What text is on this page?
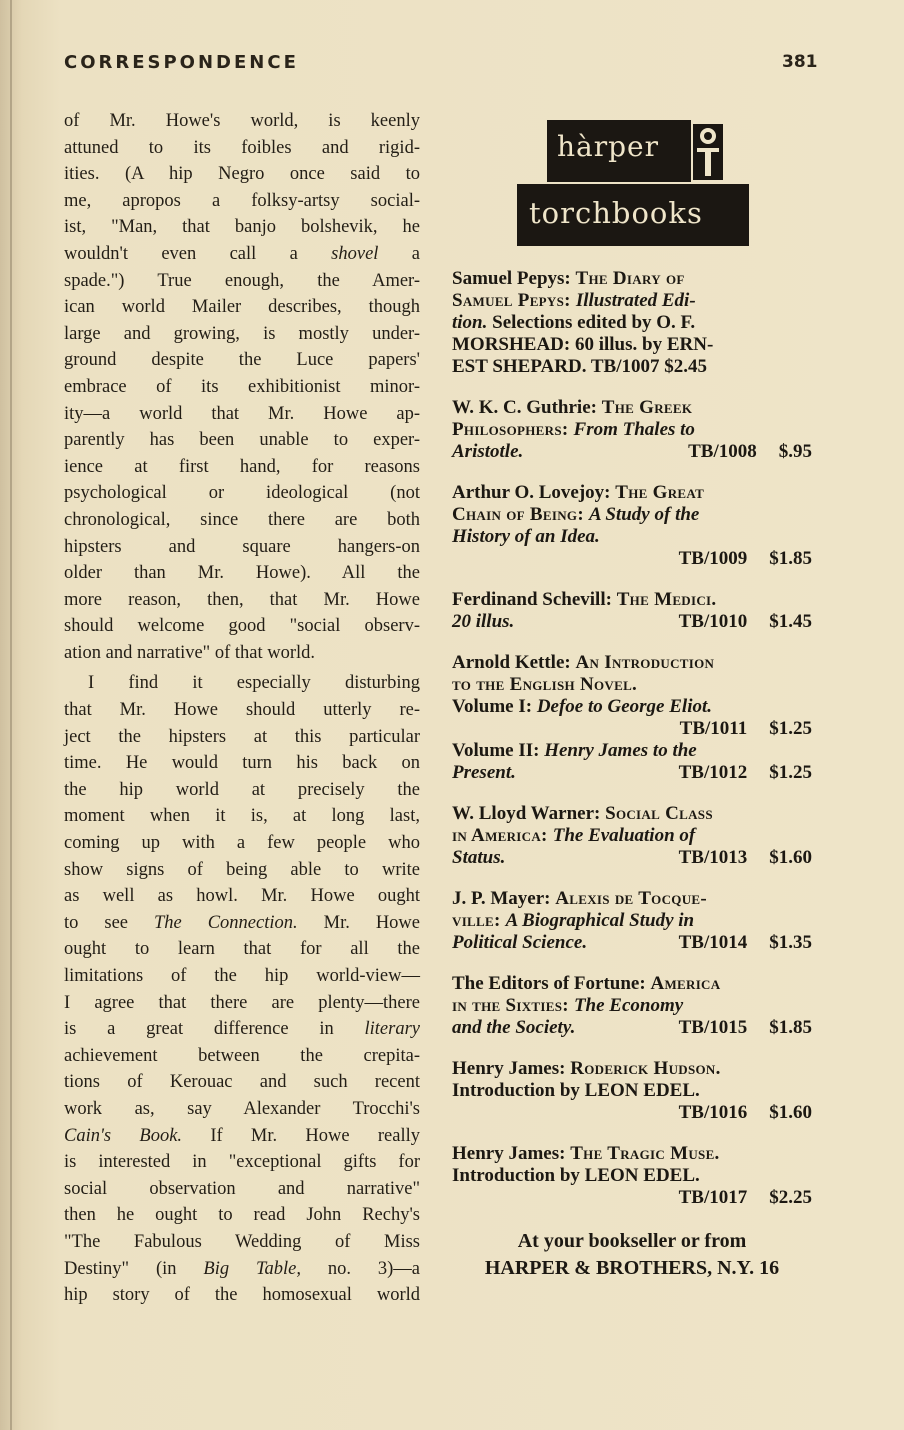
CORRESPONDENCE	381
of Mr. Howe's world, is keenly
attuned to its foibles and rigid-
ities. (A hip Negro once said to
me, apropos a folksy-artsy social-
ist, "Man, that banjo bolshevik, he
wouldn't even call a shovel a
spade.") True enough, the Amer-
ican world Mailer describes, though
large and growing, is mostly under-
ground despite the Luce papers'
embrace of its exhibitionist minor-
ity—a world that Mr. Howe ap-
parently has been unable to exper-
ience at first hand, for reasons
psychological or ideological (not
chronological, since there are both
hipsters and square hangers-on
older than Mr. Howe). All the
more reason, then, that Mr. Howe
should welcome good "social observ-
ation and narrative" of that world.
I find it especially disturbing
that Mr. Howe should utterly re-
ject the hipsters at this particular
time. He would turn his back on
the hip world at precisely the
moment when it is, at long last,
coming up with a few people who
show signs of being able to write
as well as howl. Mr. Howe ought
to see The Connection. Mr. Howe
ought to learn that for all the
limitations of the hip world-view—
I agree that there are plenty—there
is a great difference in literary
achievement between the crepita-
tions of Kerouac and such recent
work as, say Alexander Trocchi's
Cain's Book. If Mr. Howe really
is interested in "exceptional gifts for
social observation and narrative"
then he ought to read John Rechy's
"The Fabulous Wedding of Miss
Destiny" (in Big Table, no. 3)—a
hip story of the homosexual world
hàrper
torchbooks
Samuel Pepys: The Diary of
Samuel Pepys: Illustrated Edi-
tion. Selections edited by O. F.
MORSHEAD: 60 illus. by ERN-
EST SHEPARD. TB/1007 $2.45
W. K. C. Guthrie: The Greek
Philosophers: From Thales to
Aristotle.	TB/1008 $.95
Arthur O. Lovejoy: The Great
Chain of Being: A Study of the
History of an Idea.
TB/1009 $1.85
Ferdinand Schevill: The Medici.
20 illus.	TB/1010 $1.45
Arnold Kettle: An Introduction
to the English Novel.
Volume I: Defoe to George Eliot.
TB/1011 $1.25
Volume II: Henry James to the
Present.	TB/1012 $1.25
W. Lloyd Warner: Social Class
in America: The Evaluation of
Status.	TB/1013 $1.60
J. P. Mayer: Alexis de Tocque-
ville: A Biographical Study in
Political Science.	TB/1014 $1.35
The Editors of Fortune: America
in the Sixties: The Economy
and the Society.	TB/1015 $1.85
Henry James: Roderick Hudson.
Introduction by LEON EDEL.
TB/1016 $1.60
Henry James: The Tragic Muse.
Introduction by LEON EDEL.
TB/1017 $2.25
At your bookseller or from
HARPER & BROTHERS, N.Y. 16
